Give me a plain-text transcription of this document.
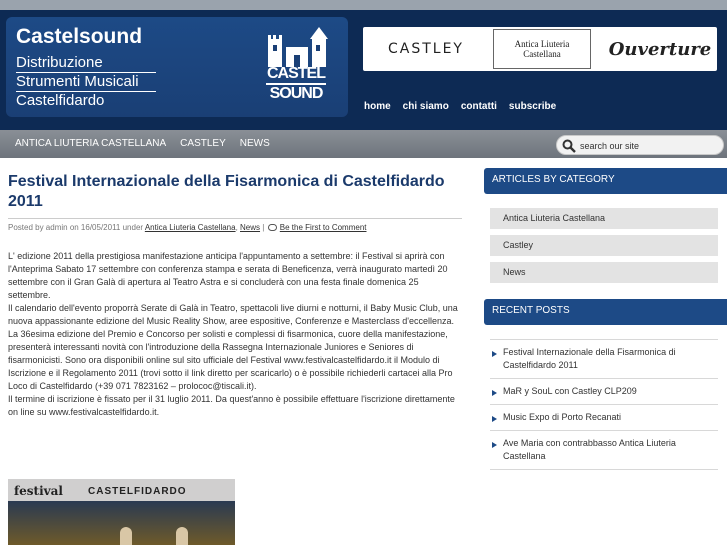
Castelsound
Distribuzione
Strumenti Musicali
Castelfidardo
CASTEL
SOUND
CASTLEY	Antica Liuteria
Castellana	Ouverture
home chi siamo contatti subscribe
ANTICA LIUTERIA CASTELLANA CASTLEY NEWS
search our site
Festival Internazionale della Fisarmonica di Castelfidardo 2011
Posted by admin on 16/05/2011 under Antica Liuteria Castellana, News |  Be the First to Comment

L' edizione 2011 della prestigiosa manifestazione anticipa l'appuntamento a settembre: il Festival si aprirà con l'Anteprima Sabato 17 settembre con conferenza stampa e serata di Beneficenza, verrà inaugurato martedì 20 settembre con il Gran Galà di apertura al Teatro Astra e si concluderà con una festa finale domenica 25 settembre.

Il calendario dell'evento proporrà Serate di Galà in Teatro, spettacoli live diurni e notturni, il Baby Music Club, una nuova appassionante edizione del Music Reality Show, aree espositive, Conferenze e Masterclass d'eccellenza.

La 36esima edizione del Premio e Concorso per solisti e complessi di fisarmonica, cuore della manifestazione, presenterà interessanti novità con l'introduzione della Rassegna Internazionale Juniores e Seniores di fisarmonicisti. Sono ora disponibili online sul sito ufficiale del Festival www.festivalcastelfidardo.it il Modulo di Iscrizione e il Regolamento 2011 (trovi sotto il link diretto per scaricarlo) o è possibile richiederli cartacei alla Pro Loco di Castelfidardo (+39 071 7823162 – prolococ@tiscali.it).

Il termine di iscrizione è fissato per il 31 luglio 2011. Da quest'anno è possibile effettuare l'iscrizione direttamente on line su www.festivalcastelfidardo.it.

festival	CASTELFIDARDO
ARTICLES BY CATEGORY
Antica Liuteria Castellana
Castley
News
RECENT POSTS
Festival Internazionale della Fisarmonica di Castelfidardo 2011
MaR y SouL con Castley CLP209
Music Expo di Porto Recanati
Ave Maria con contrabbasso Antica Liuteria Castellana
